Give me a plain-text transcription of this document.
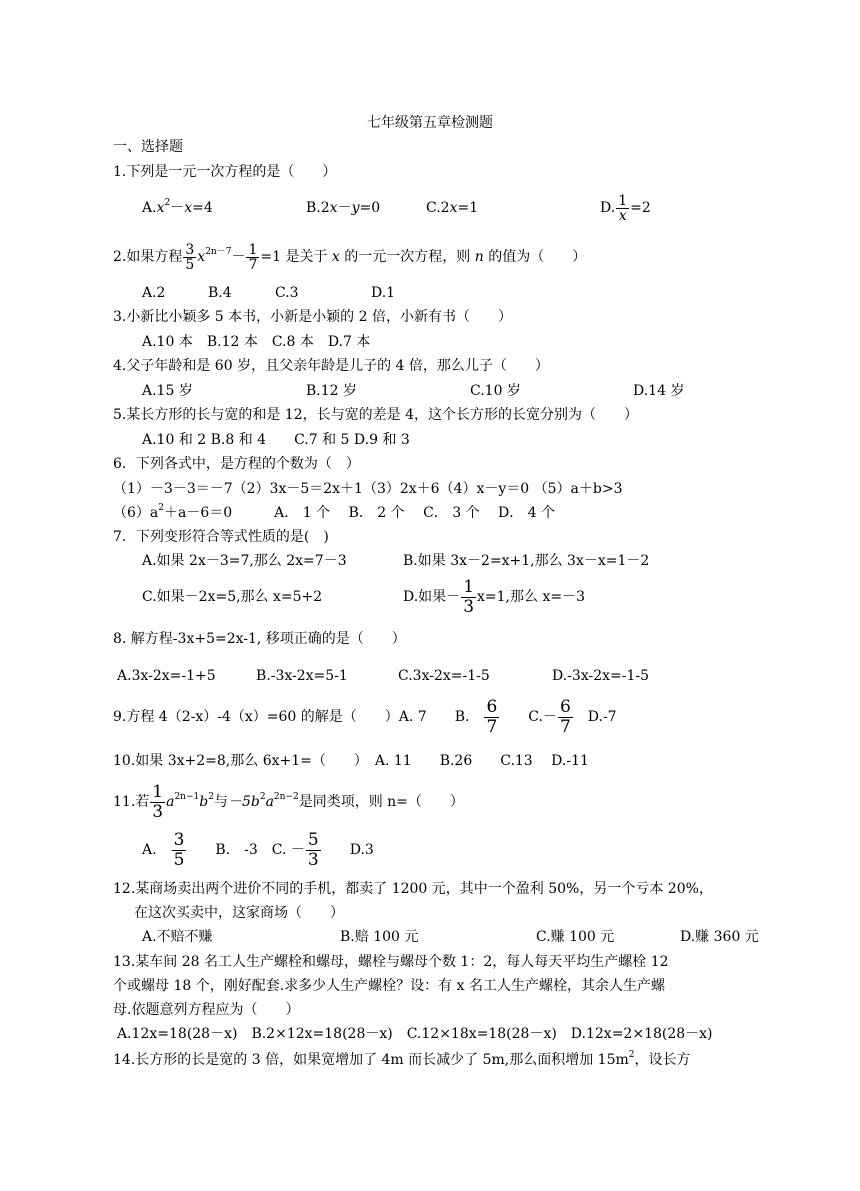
七年级第五章检测题
一、选择题
1.下列是一元一次方程的是（　　）
$A.x^2-x=4$	B.2x－y=0	C.2x=1	D. $\frac{1}{x} =2$
2.如果方程 $\frac{3}{5} x^{2n-7}- \frac{1}{7} =1$ 是关于 x 的一元一次方程，则 n 的值为（　　）
A.2	B.4	C.3	D.1
3.小新比小颖多 5 本书，小新是小颖的 2 倍，小新有书（　　）
A.10 本　B.12 本　C.8 本　D.7 本
4.父子年龄和是 60 岁，且父亲年龄是儿子的 4 倍，那么儿子（　　）
A.15 岁	B.12 岁	C.10 岁	D.14 岁
5.某长方形的长与宽的和是 12，长与宽的差是 4，这个长方形的长宽分别为（　　）
A.10 和 2 B.8 和 4　　C.7 和 5 D.9 和 3
6．下列各式中，是方程的个数为（　）
（1）－3－3＝－7（2）3x－5＝2x＋1（3）2x＋6（4）x－y＝0 （5）a＋b>3
$(6)a^2+a-6=0$　　　A． 1 个　 B． 2 个　 C． 3 个　 D． 4 个
7．下列变形符合等式性质的是(　)
A.如果 2x－3=7,那么 2x=7－3	B.如果 3x－2=x+1,那么 3x－x=1－2
C.如果－2x=5,那么 x=5+2	D.如果－ $\frac{1}{3} x=1$,那么 x=－3
8. 解方程-3x+5=2x-1, 移项正确的是（　　）
A.3x-2x=-1+5	B.-3x-2x=5-1	C.3x-2x=-1-5	D.-3x-2x=-1-5
9.方程 4（2-x）-4（x）=60 的解是（　　）A. 7　　B.　 $\frac{6}{7}$
　　 $C.- \frac{6}{7}$
　 D.-7
10.如果 3x+2=8,那么 6x+1=（　　）　A. 11　　B.26　　C.13　 D.-11
11.若 $\frac{1}{3} a^{2n-1}b^2$与$-5b^2a^{2n-2}$是同类项，则 n=（　　）
A.　 $\frac{3}{5}$
　　 B.　-3　C. － $\frac{5}{3}$
　　 D.3
12.某商场卖出两个进价不同的手机，都卖了 1200 元，其中一个盈利 50%，另一个亏本 20%，
在这次买卖中，这家商场（　　）
A.不赔不赚	B.赔 100 元	C.赚 100 元	D.赚 360 元
13.某车间 28 名工人生产螺栓和螺母，螺栓与螺母个数 1：2，每人每天平均生产螺栓 12
个或螺母 18 个，刚好配套.求多少人生产螺栓？设：有 x 名工人生产螺栓，其余人生产螺
母.依题意列方程应为（　　）
A.12x=18(28－x)　B.2×12x=18(28－x)　C.12×18x=18(28－x)　D.12x=2×18(28－x)
14.长方形的长是宽的 3 倍，如果宽增加了 4m 而长减少了 5m,那么面积增加 $15m^2$，设长方
